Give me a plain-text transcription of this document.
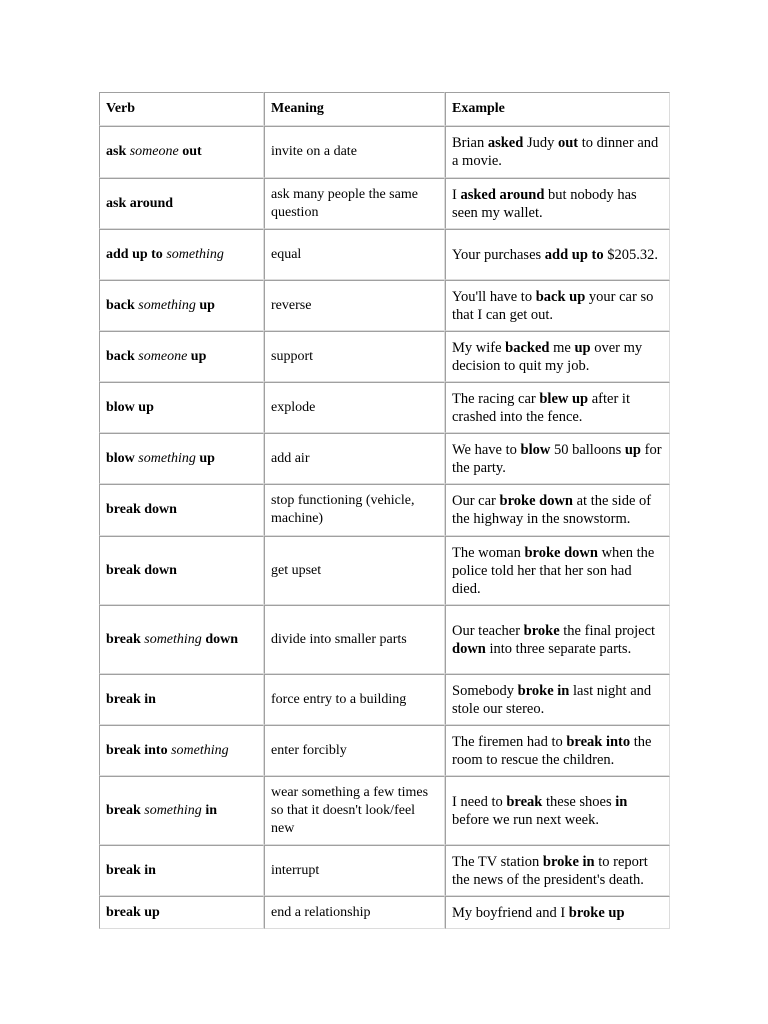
Verb	Meaning	Example
ask someone out	invite on a date	Brian asked Judy out to dinner and a movie.
ask around	ask many people the same question	I asked around but nobody has seen my wallet.
add up to something	equal	Your purchases add up to $205.32.
back something up	reverse	You'll have to back up your car so that I can get out.
back someone up	support	My wife backed me up over my decision to quit my job.
blow up	explode	The racing car blew up after it crashed into the fence.
blow something up	add air	We have to blow 50 balloons up for the party.
break down	stop functioning (vehicle, machine)	Our car broke down at the side of the highway in the snowstorm.
break down	get upset	The woman broke down when the police told her that her son had died.
break something down	divide into smaller parts	Our teacher broke the final project down into three separate parts.
break in	force entry to a building	Somebody broke in last night and stole our stereo.
break into something	enter forcibly	The firemen had to break into the room to rescue the children.
break something in	wear something a few times so that it doesn't look/feel new	I need to break these shoes in before we run next week.
break in	interrupt	The TV station broke in to report the news of the president's death.
break up	end a relationship	My boyfriend and I broke up
